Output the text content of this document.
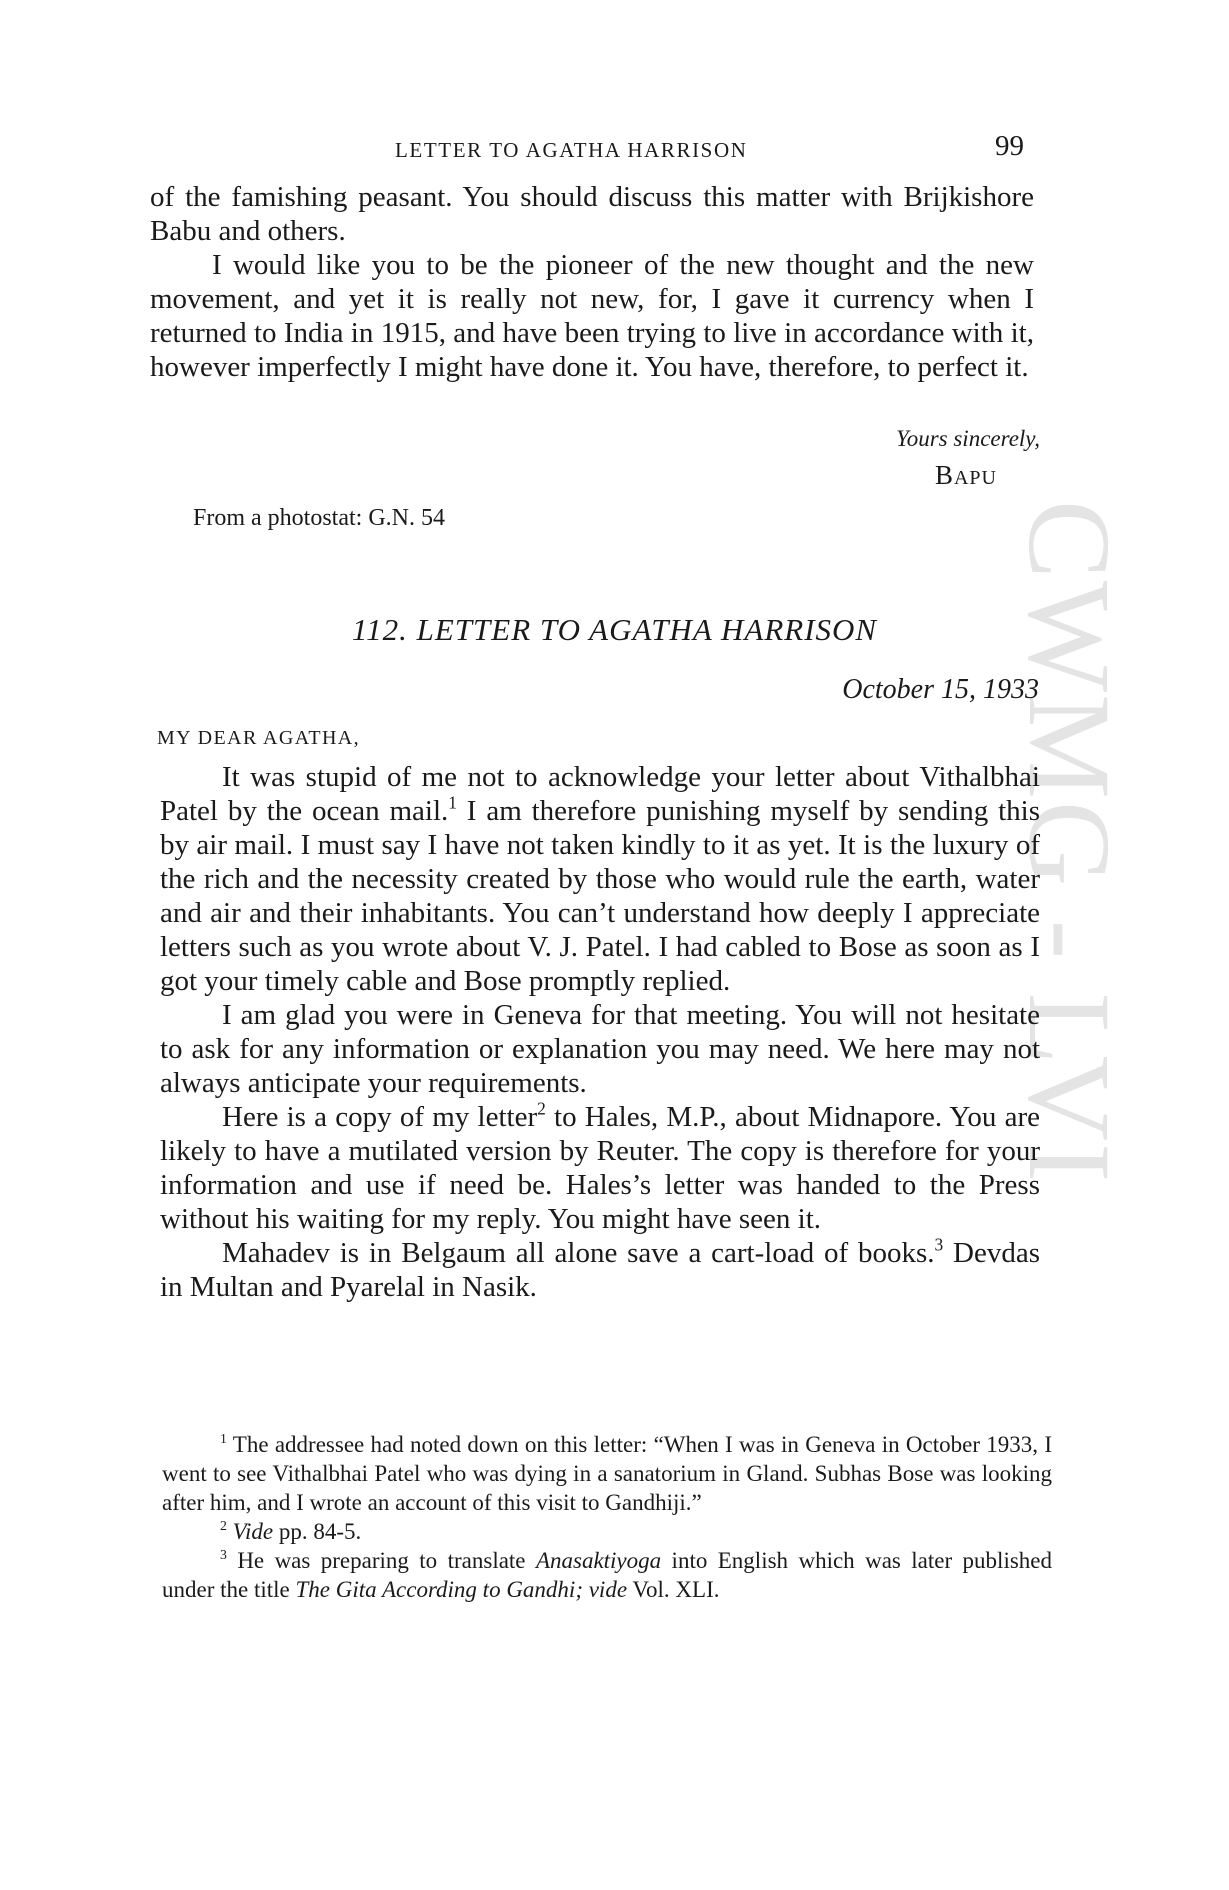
CWMG - LVI
LETTER TO AGATHA HARRISON	99

of the famishing peasant. You should discuss this matter with Brijkishore Babu and others.

I would like you to be the pioneer of the new thought and the new movement, and yet it is really not new, for, I gave it currency when I returned to India in 1915, and have been trying to live in accordance with it, however imperfectly I might have done it. You have, therefore, to perfect it.

Yours sincerely,
BAPU
From a photostat: G.N. 54
112. LETTER TO AGATHA HARRISON
October 15, 1933
MY DEAR AGATHA,

It was stupid of me not to acknowledge your letter about Vithalbhai Patel by the ocean mail.$^1$ I am therefore punishing myself by sending this by air mail. I must say I have not taken kindly to it as yet. It is the luxury of the rich and the necessity created by those who would rule the earth, water and air and their inhabitants. You can’t understand how deeply I appreciate letters such as you wrote about V. J. Patel. I had cabled to Bose as soon as I got your timely cable and Bose promptly replied.

I am glad you were in Geneva for that meeting. You will not hesitate to ask for any information or explanation you may need. We here may not always anticipate your requirements.

Here is a copy of my letter$^2$ to Hales, M.P., about Midnapore. You are likely to have a mutilated version by Reuter. The copy is therefore for your information and use if need be. Hales’s letter was handed to the Press without his waiting for my reply. You might have seen it.

Mahadev is in Belgaum all alone save a cart-load of books.$^3$ Devdas in Multan and Pyarelal in Nasik.

$^1$ The addressee had noted down on this letter: “When I was in Geneva in October 1933, I went to see Vithalbhai Patel who was dying in a sanatorium in Gland. Subhas Bose was looking after him, and I wrote an account of this visit to Gandhiji.”

$^2$ Vide pp. 84-5.

$^3$ He was preparing to translate Anasaktiyoga into English which was later published under the title The Gita According to Gandhi; vide Vol. XLI.
